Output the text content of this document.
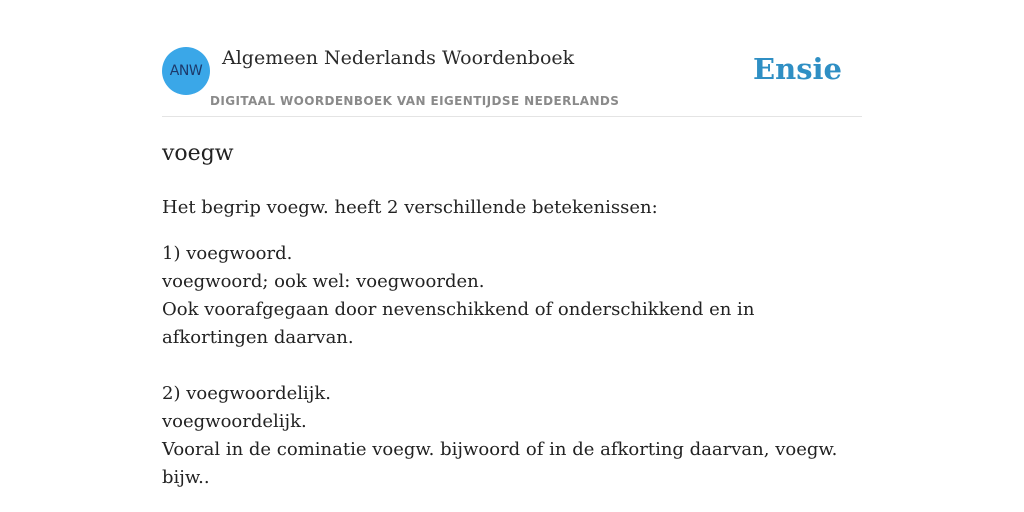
ANW
Algemeen Nederlands Woordenboek
DIGITAAL WOORDENBOEK VAN EIGENTIJDSE NEDERLANDS
Ensie
voegw

Het begrip voegw. heeft 2 verschillende betekenissen:

1) voegwoord.
voegwoord; ook wel: voegwoorden.
Ook voorafgegaan door nevenschikkend of onderschikkend en in afkortingen daarvan.
2) voegwoordelijk.
voegwoordelijk.
Vooral in de cominatie voegw. bijwoord of in de afkorting daarvan, voegw. bijw..
